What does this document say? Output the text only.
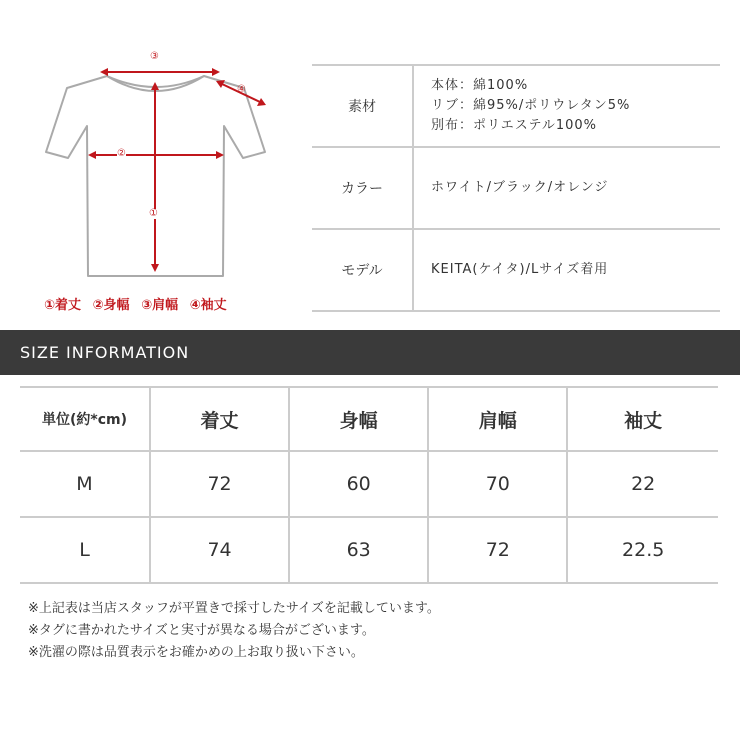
③
④
②
①
①着丈 ②身幅 ③肩幅 ④袖丈
素材
本体：綿100%
リブ：綿95%/ポリウレタン5%
別布：ポリエステル100%
カラー	ホワイト/ブラック/オレンジ
モデル	KEITA(ケイタ)/Lサイズ着用
SIZE INFORMATION
単位(約*cm)	着丈	身幅	肩幅	袖丈
M	72	60	70	22
L	74	63	72	22.5
※上記表は当店スタッフが平置きで採寸したサイズを記載しています。
※タグに書かれたサイズと実寸が異なる場合がございます。
※洗濯の際は品質表示をお確かめの上お取り扱い下さい。
